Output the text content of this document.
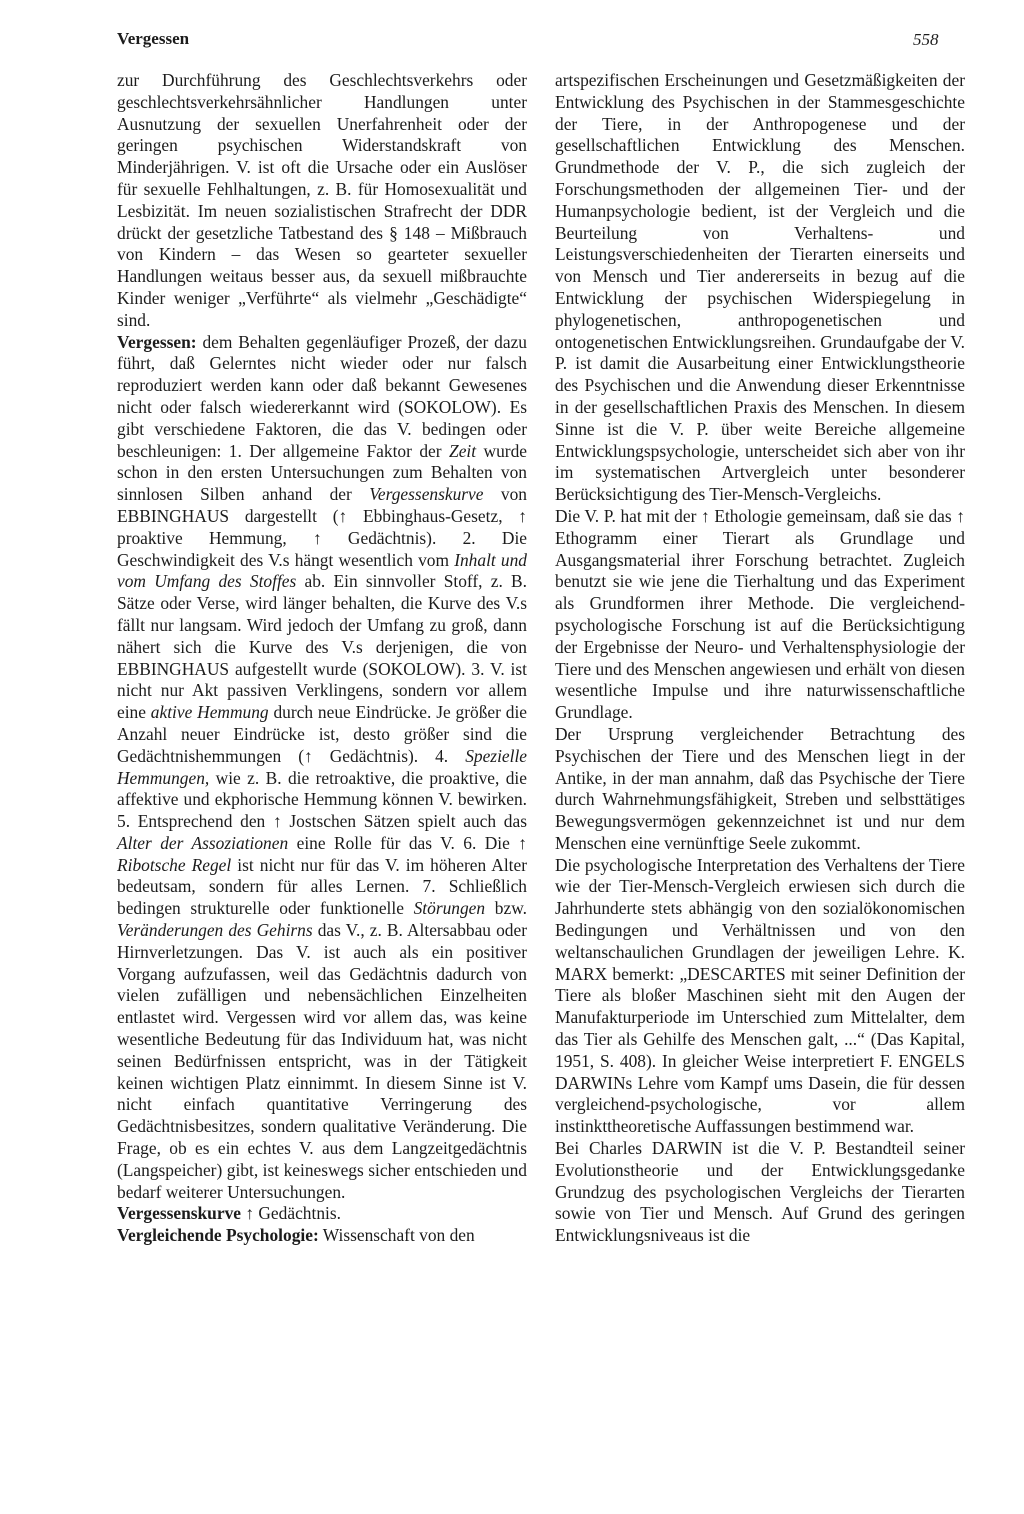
Vergessen	558

zur Durchführung des Geschlechtsverkehrs oder geschlechtsverkehrsähnlicher Handlungen unter Ausnutzung der sexuellen Unerfahrenheit oder der geringen psychischen Widerstandskraft von Minderjährigen. V. ist oft die Ursache oder ein Auslöser für sexuelle Fehlhaltungen, z. B. für Homosexualität und Lesbizität. Im neuen sozialistischen Strafrecht der DDR drückt der gesetzliche Tatbestand des § 148 – Mißbrauch von Kindern – das Wesen so gearteter sexueller Handlungen weitaus besser aus, da sexuell mißbrauchte Kinder weniger „Verführte“ als vielmehr „Geschädigte“ sind.

Vergessen: dem Behalten gegenläufiger Prozeß, der dazu führt, daß Gelerntes nicht wieder oder nur falsch reproduziert werden kann oder daß bekannt Gewesenes nicht oder falsch wiedererkannt wird (SOKOLOW). Es gibt verschiedene Faktoren, die das V. bedingen oder beschleunigen: 1. Der allgemeine Faktor der Zeit wurde schon in den ersten Untersuchungen zum Behalten von sinnlosen Silben anhand der Vergessenskurve von EBBINGHAUS dargestellt (↑ Ebbinghaus-Gesetz, ↑ proaktive Hemmung, ↑ Gedächtnis). 2. Die Geschwindigkeit des V.s hängt wesentlich vom Inhalt und vom Umfang des Stoffes ab. Ein sinnvoller Stoff, z. B. Sätze oder Verse, wird länger behalten, die Kurve des V.s fällt nur langsam. Wird jedoch der Umfang zu groß, dann nähert sich die Kurve des V.s derjenigen, die von EBBINGHAUS aufgestellt wurde (SOKOLOW). 3. V. ist nicht nur Akt passiven Verklingens, sondern vor allem eine aktive Hemmung durch neue Eindrücke. Je größer die Anzahl neuer Eindrücke ist, desto größer sind die Gedächtnishemmungen (↑ Gedächtnis). 4. Spezielle Hemmungen, wie z. B. die retroaktive, die proaktive, die affektive und ekphorische Hemmung können V. bewirken. 5. Entsprechend den ↑ Jostschen Sätzen spielt auch das Alter der Assoziationen eine Rolle für das V. 6. Die ↑ Ribotsche Regel ist nicht nur für das V. im höheren Alter bedeutsam, sondern für alles Lernen. 7. Schließlich bedingen strukturelle oder funktionelle Störungen bzw. Veränderungen des Gehirns das V., z. B. Altersabbau oder Hirnverletzungen. Das V. ist auch als ein positiver Vorgang aufzufassen, weil das Gedächtnis dadurch von vielen zufälligen und nebensächlichen Einzelheiten entlastet wird. Vergessen wird vor allem das, was keine wesentliche Bedeutung für das Individuum hat, was nicht seinen Bedürfnissen entspricht, was in der Tätigkeit keinen wichtigen Platz einnimmt. In diesem Sinne ist V. nicht einfach quantitative Verringerung des Gedächtnisbesitzes, sondern qualitative Veränderung. Die Frage, ob es ein echtes V. aus dem Langzeitgedächtnis (Langspeicher) gibt, ist keineswegs sicher entschieden und bedarf weiterer Untersuchungen.

Vergessenskurve ↑ Gedächtnis.

Vergleichende Psychologie: Wissenschaft von den

artspezifischen Erscheinungen und Gesetzmäßigkeiten der Entwicklung des Psychischen in der Stammesgeschichte der Tiere, in der Anthropogenese und der gesellschaftlichen Entwicklung des Menschen. Grundmethode der V. P., die sich zugleich der Forschungsmethoden der allgemeinen Tier- und der Humanpsychologie bedient, ist der Vergleich und die Beurteilung von Verhaltens- und Leistungsverschiedenheiten der Tierarten einerseits und von Mensch und Tier andererseits in bezug auf die Entwicklung der psychischen Widerspiegelung in phylogenetischen, anthropogenetischen und ontogenetischen Entwicklungsreihen. Grundaufgabe der V. P. ist damit die Ausarbeitung einer Entwicklungstheorie des Psychischen und die Anwendung dieser Erkenntnisse in der gesellschaftlichen Praxis des Menschen. In diesem Sinne ist die V. P. über weite Bereiche allgemeine Entwicklungspsychologie, unterscheidet sich aber von ihr im systematischen Artvergleich unter besonderer Berücksichtigung des Tier-Mensch-Vergleichs.

Die V. P. hat mit der ↑ Ethologie gemeinsam, daß sie das ↑ Ethogramm einer Tierart als Grundlage und Ausgangsmaterial ihrer Forschung betrachtet. Zugleich benutzt sie wie jene die Tierhaltung und das Experiment als Grundformen ihrer Methode. Die vergleichend-psychologische Forschung ist auf die Berücksichtigung der Ergebnisse der Neuro- und Verhaltensphysiologie der Tiere und des Menschen angewiesen und erhält von diesen wesentliche Impulse und ihre naturwissenschaftliche Grundlage.

Der Ursprung vergleichender Betrachtung des Psychischen der Tiere und des Menschen liegt in der Antike, in der man annahm, daß das Psychische der Tiere durch Wahrnehmungsfähigkeit, Streben und selbsttätiges Bewegungsvermögen gekennzeichnet ist und nur dem Menschen eine vernünftige Seele zukommt.

Die psychologische Interpretation des Verhaltens der Tiere wie der Tier-Mensch-Vergleich erwiesen sich durch die Jahrhunderte stets abhängig von den sozialökonomischen Bedingungen und Verhältnissen und von den weltanschaulichen Grundlagen der jeweiligen Lehre. K. MARX bemerkt: „DESCARTES mit seiner Definition der Tiere als bloßer Maschinen sieht mit den Augen der Manufakturperiode im Unterschied zum Mittelalter, dem das Tier als Gehilfe des Menschen galt, ...“ (Das Kapital, 1951, S. 408). In gleicher Weise interpretiert F. ENGELS DARWINs Lehre vom Kampf ums Dasein, die für dessen vergleichend-psychologische, vor allem instinkttheoretische Auffassungen bestimmend war.

Bei Charles DARWIN ist die V. P. Bestandteil seiner Evolutionstheorie und der Entwicklungsgedanke Grundzug des psychologischen Vergleichs der Tierarten sowie von Tier und Mensch. Auf Grund des geringen Entwicklungsniveaus ist die
